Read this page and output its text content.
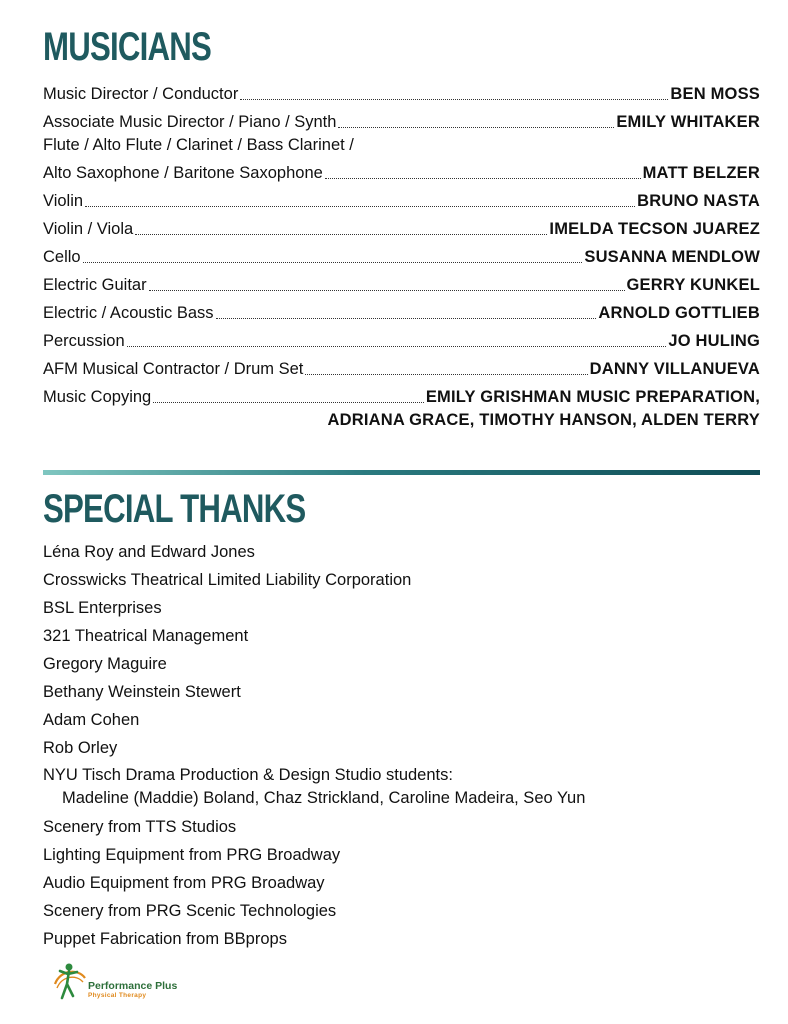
MUSICIANS
Music Director / Conductor	BEN MOSS
Associate Music Director / Piano / Synth	EMILY WHITAKER
Flute / Alto Flute / Clarinet / Bass Clarinet /
Alto Saxophone / Baritone Saxophone	MATT BELZER
Violin	BRUNO NASTA
Violin / Viola	IMELDA TECSON JUAREZ
Cello	SUSANNA MENDLOW
Electric Guitar	GERRY KUNKEL
Electric / Acoustic Bass	ARNOLD GOTTLIEB
Percussion	JO HULING
AFM Musical Contractor / Drum Set	DANNY VILLANUEVA
Music Copying	EMILY GRISHMAN MUSIC PREPARATION,
ADRIANA GRACE, TIMOTHY HANSON, ALDEN TERRY
SPECIAL THANKS
Léna Roy and Edward Jones
Crosswicks Theatrical Limited Liability Corporation
BSL Enterprises
321 Theatrical Management
Gregory Maguire
Bethany Weinstein Stewert
Adam Cohen
Rob Orley
NYU Tisch Drama Production & Design Studio students:
Madeline (Maddie) Boland, Chaz Strickland, Caroline Madeira, Seo Yun
Scenery from TTS Studios
Lighting Equipment from PRG Broadway
Audio Equipment from PRG Broadway
Scenery from PRG Scenic Technologies
Puppet Fabrication from BBprops
Performance Plus
Physical Therapy
